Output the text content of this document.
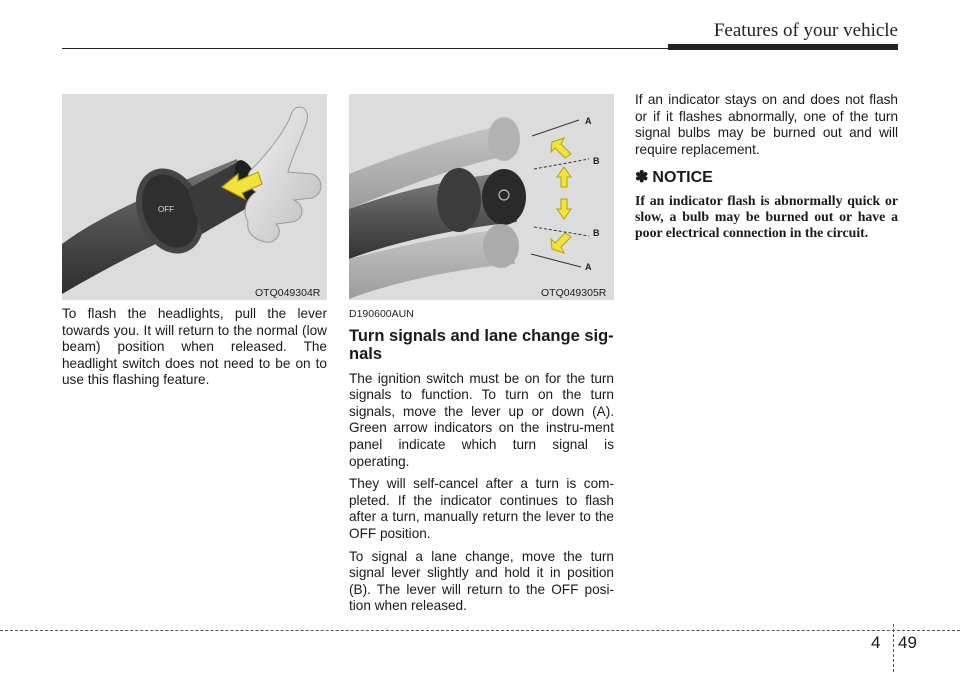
Features of your vehicle
OFF
OTQ049304R
A
B
B
A
OTQ049305R

To flash the headlights, pull the lever towards you. It will return to the normal (low beam) position when released. The headlight switch does not need to be on to use this flashing feature.

D190600AUN
Turn signals and lane change sig-nals

The ignition switch must be on for the turn signals to function. To turn on the turn signals, move the lever up or down (A). Green arrow indicators on the instru-ment panel indicate which turn signal is operating.

They will self-cancel after a turn is com-pleted. If the indicator continues to flash after a turn, manually return the lever to the OFF position.

To signal a lane change, move the turn signal lever slightly and hold it in position (B). The lever will return to the OFF posi-tion when released.

If an indicator stays on and does not flash or if it flashes abnormally, one of the turn signal bulbs may be burned out and will require replacement.

✽ NOTICE
If an indicator flash is abnormally quick or slow, a bulb may be burned out or have a poor electrical connection in the circuit.
4 49
